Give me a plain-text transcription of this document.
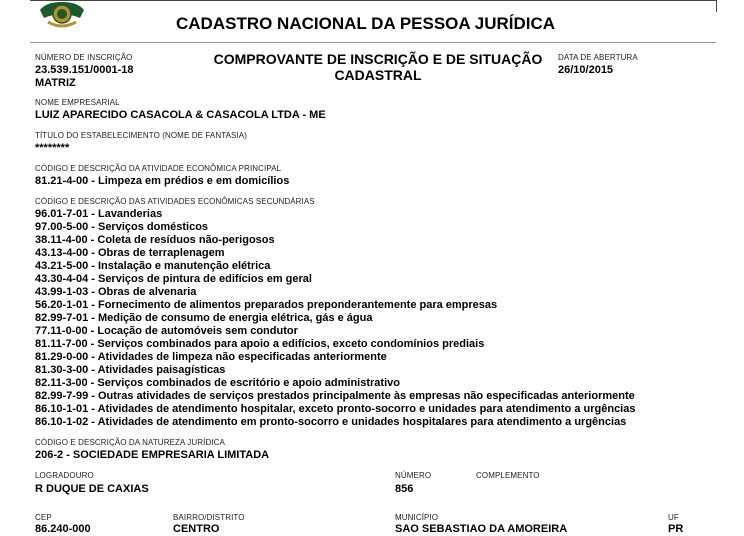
CADASTRO NACIONAL DA PESSOA JURÍDICA
NÚMERO DE INSCRIÇÃO
23.539.151/0001-18
MATRIZ
COMPROVANTE DE INSCRIÇÃO E DE SITUAÇÃO
CADASTRAL
DATA DE ABERTURA
26/10/2015
NOME EMPRESARIAL
LUIZ APARECIDO CASACOLA & CASACOLA LTDA - ME
TÍTULO DO ESTABELECIMENTO (NOME DE FANTASIA)
********
CÓDIGO E DESCRIÇÃO DA ATIVIDADE ECONÔMICA PRINCIPAL
81.21-4-00 - Limpeza em prédios e em domicílios
CÓDIGO E DESCRIÇÃO DAS ATIVIDADES ECONÔMICAS SECUNDÁRIAS
96.01-7-01 - Lavanderias
97.00-5-00 - Serviços domésticos
38.11-4-00 - Coleta de resíduos não-perigosos
43.13-4-00 - Obras de terraplenagem
43.21-5-00 - Instalação e manutenção elétrica
43.30-4-04 - Serviços de pintura de edifícios em geral
43.99-1-03 - Obras de alvenaria
56.20-1-01 - Fornecimento de alimentos preparados preponderantemente para empresas
82.99-7-01 - Medição de consumo de energia elétrica, gás e água
77.11-0-00 - Locação de automóveis sem condutor
81.11-7-00 - Serviços combinados para apoio a edifícios, exceto condomínios prediais
81.29-0-00 - Atividades de limpeza não especificadas anteriormente
81.30-3-00 - Atividades paisagísticas
82.11-3-00 - Serviços combinados de escritório e apoio administrativo
82.99-7-99 - Outras atividades de serviços prestados principalmente às empresas não especificadas anteriormente
86.10-1-01 - Atividades de atendimento hospitalar, exceto pronto-socorro e unidades para atendimento a urgências
86.10-1-02 - Atividades de atendimento em pronto-socorro e unidades hospitalares para atendimento a urgências
CÓDIGO E DESCRIÇÃO DA NATUREZA JURÍDICA
206-2 - SOCIEDADE EMPRESARIA LIMITADA
LOGRADOURO
R DUQUE DE CAXIAS
NÚMERO
856
COMPLEMENTO
CEP
86.240-000
BAIRRO/DISTRITO
CENTRO
MUNICÍPIO
SAO SEBASTIAO DA AMOREIRA
UF
PR
